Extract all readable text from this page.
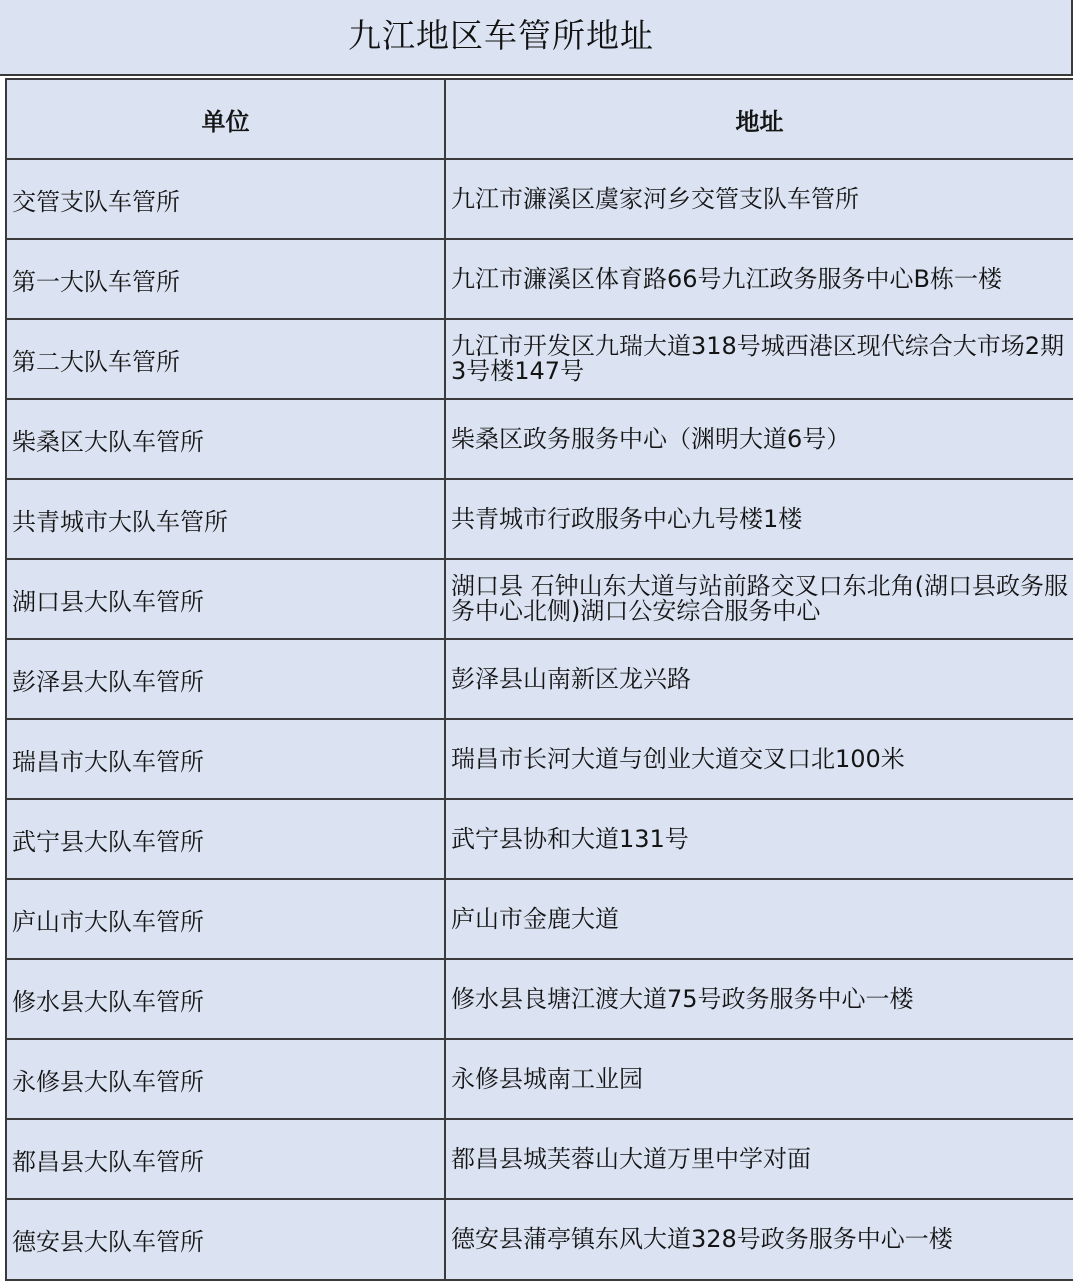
九江地区车管所地址
单位	地址
交管支队车管所	九江市濂溪区虞家河乡交管支队车管所
第一大队车管所	九江市濂溪区体育路66号九江政务服务中心B栋一楼
第二大队车管所	九江市开发区九瑞大道318号城西港区现代综合大市场2期3号楼147号
柴桑区大队车管所	柴桑区政务服务中心（渊明大道6号）
共青城市大队车管所	共青城市行政服务中心九号楼1楼
湖口县大队车管所	湖口县 石钟山东大道与站前路交叉口东北角(湖口县政务服务中心北侧)湖口公安综合服务中心
彭泽县大队车管所	彭泽县山南新区龙兴路
瑞昌市大队车管所	瑞昌市长河大道与创业大道交叉口北100米
武宁县大队车管所	武宁县协和大道131号
庐山市大队车管所	庐山市金鹿大道
修水县大队车管所	修水县良塘江渡大道75号政务服务中心一楼
永修县大队车管所	永修县城南工业园
都昌县大队车管所	都昌县城芙蓉山大道万里中学对面
德安县大队车管所	德安县蒲亭镇东风大道328号政务服务中心一楼
